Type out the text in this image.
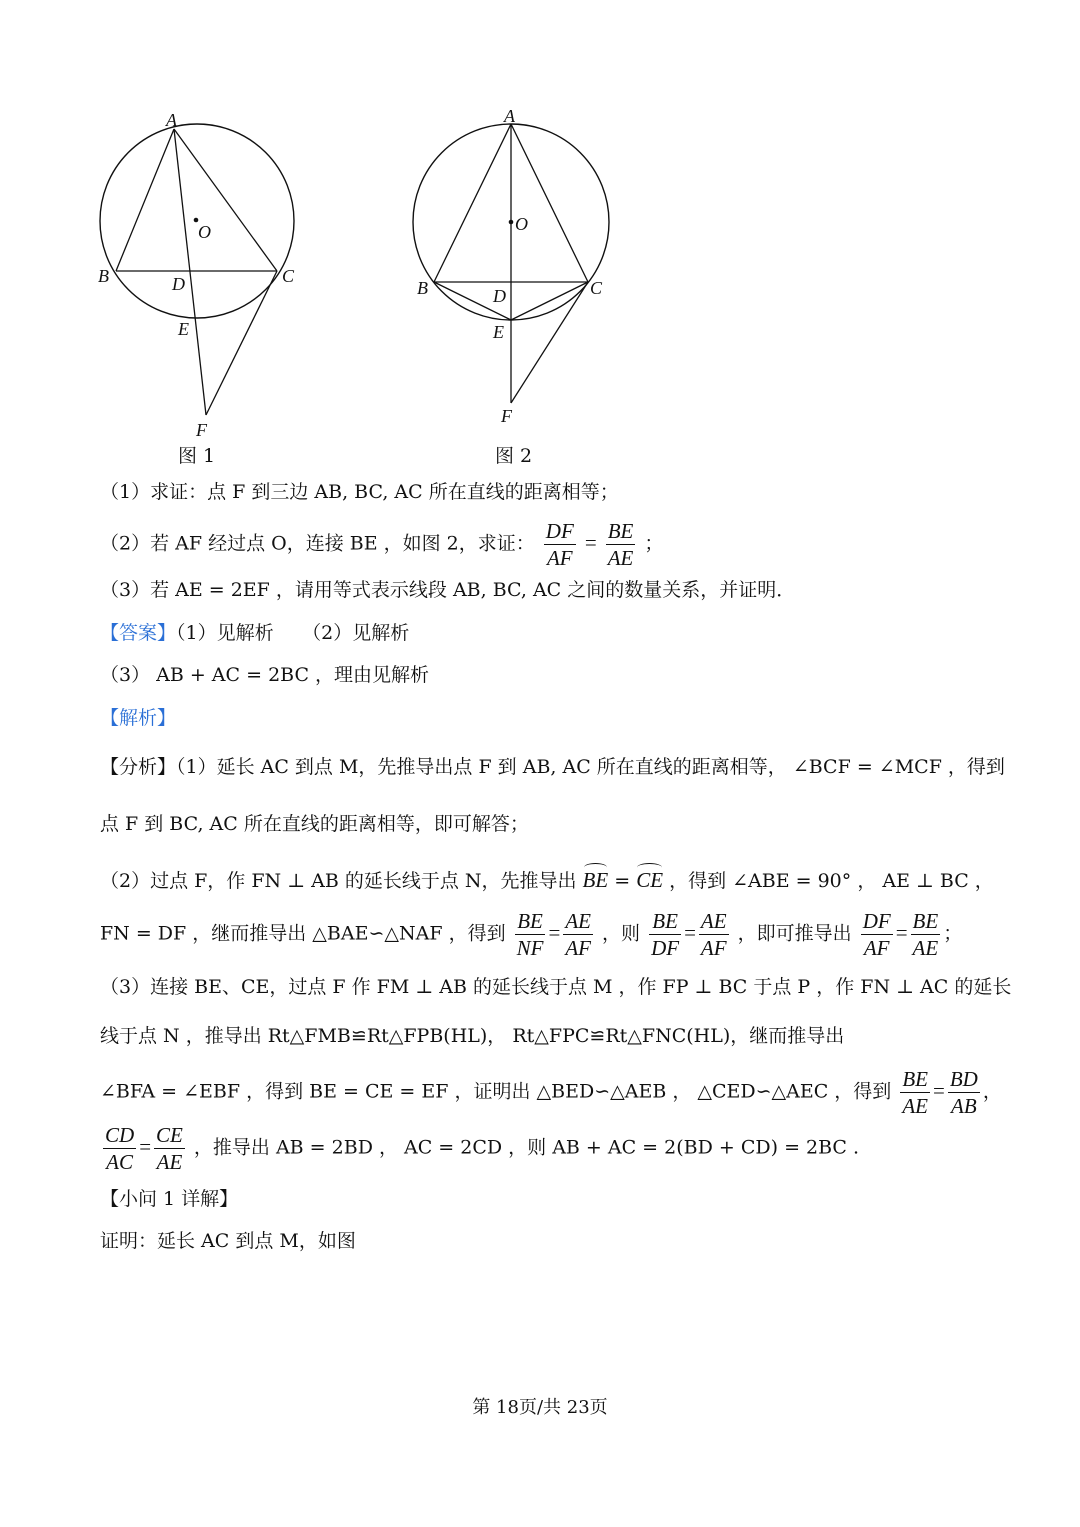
A
O
B	C
D
E
F
图 1
A
O
B	C
D
E
F
图 2
（1）求证：点 F 到三边 AB, BC, AC 所在直线的距离相等；
（2）若 AF 经过点 O，连接 BE ，如图 2，求证： $\frac{DF}{AF} = \frac{BE}{AE}$ ；
（3）若 AE = 2EF ，请用等式表示线段 AB, BC, AC 之间的数量关系，并证明．
【答案】（1）见解析　　（2）见解析
（3） AB + AC = 2BC ，理由见解析
【解析】
【分析】（1）延长 AC 到点 M，先推导出点 F 到 AB, AC 所在直线的距离相等， ∠BCF = ∠MCF ，得到
点 F 到 BC, AC 所在直线的距离相等，即可解答；
（2）过点 F，作 FN ⊥ AB 的延长线于点 N，先推导出 BE = CE ，得到 ∠ABE = 90° ， AE ⊥ BC ，
FN = DF ，继而推导出 △BAE∽△NAF ，得到 $\frac{BE}{NF} = \frac{AE}{AF}$ ，则 $\frac{BE}{DF} = \frac{AE}{AF}$ ，即可推导出 $\frac{DF}{AF} = \frac{BE}{AE}$ ；
（3）连接 BE、CE，过点 F 作 FM ⊥ AB 的延长线于点 M ，作 FP ⊥ BC 于点 P ，作 FN ⊥ AC 的延长
线于点 N ，推导出 Rt△FMB≌Rt△FPB(HL)， Rt△FPC≌Rt△FNC(HL)，继而推导出
∠BFA = ∠EBF ，得到 BE = CE = EF ，证明出 △BED∽△AEB ， △CED∽△AEC ，得到 $\frac{BE}{AE} = \frac{BD}{AB}$ ，
$\frac{CD}{AC} = \frac{CE}{AE}$ ，推导出 AB = 2BD ， AC = 2CD ，则 AB + AC = 2(BD + CD) = 2BC .
【小问 1 详解】
证明：延长 AC 到点 M，如图
第 18页/共 23页
